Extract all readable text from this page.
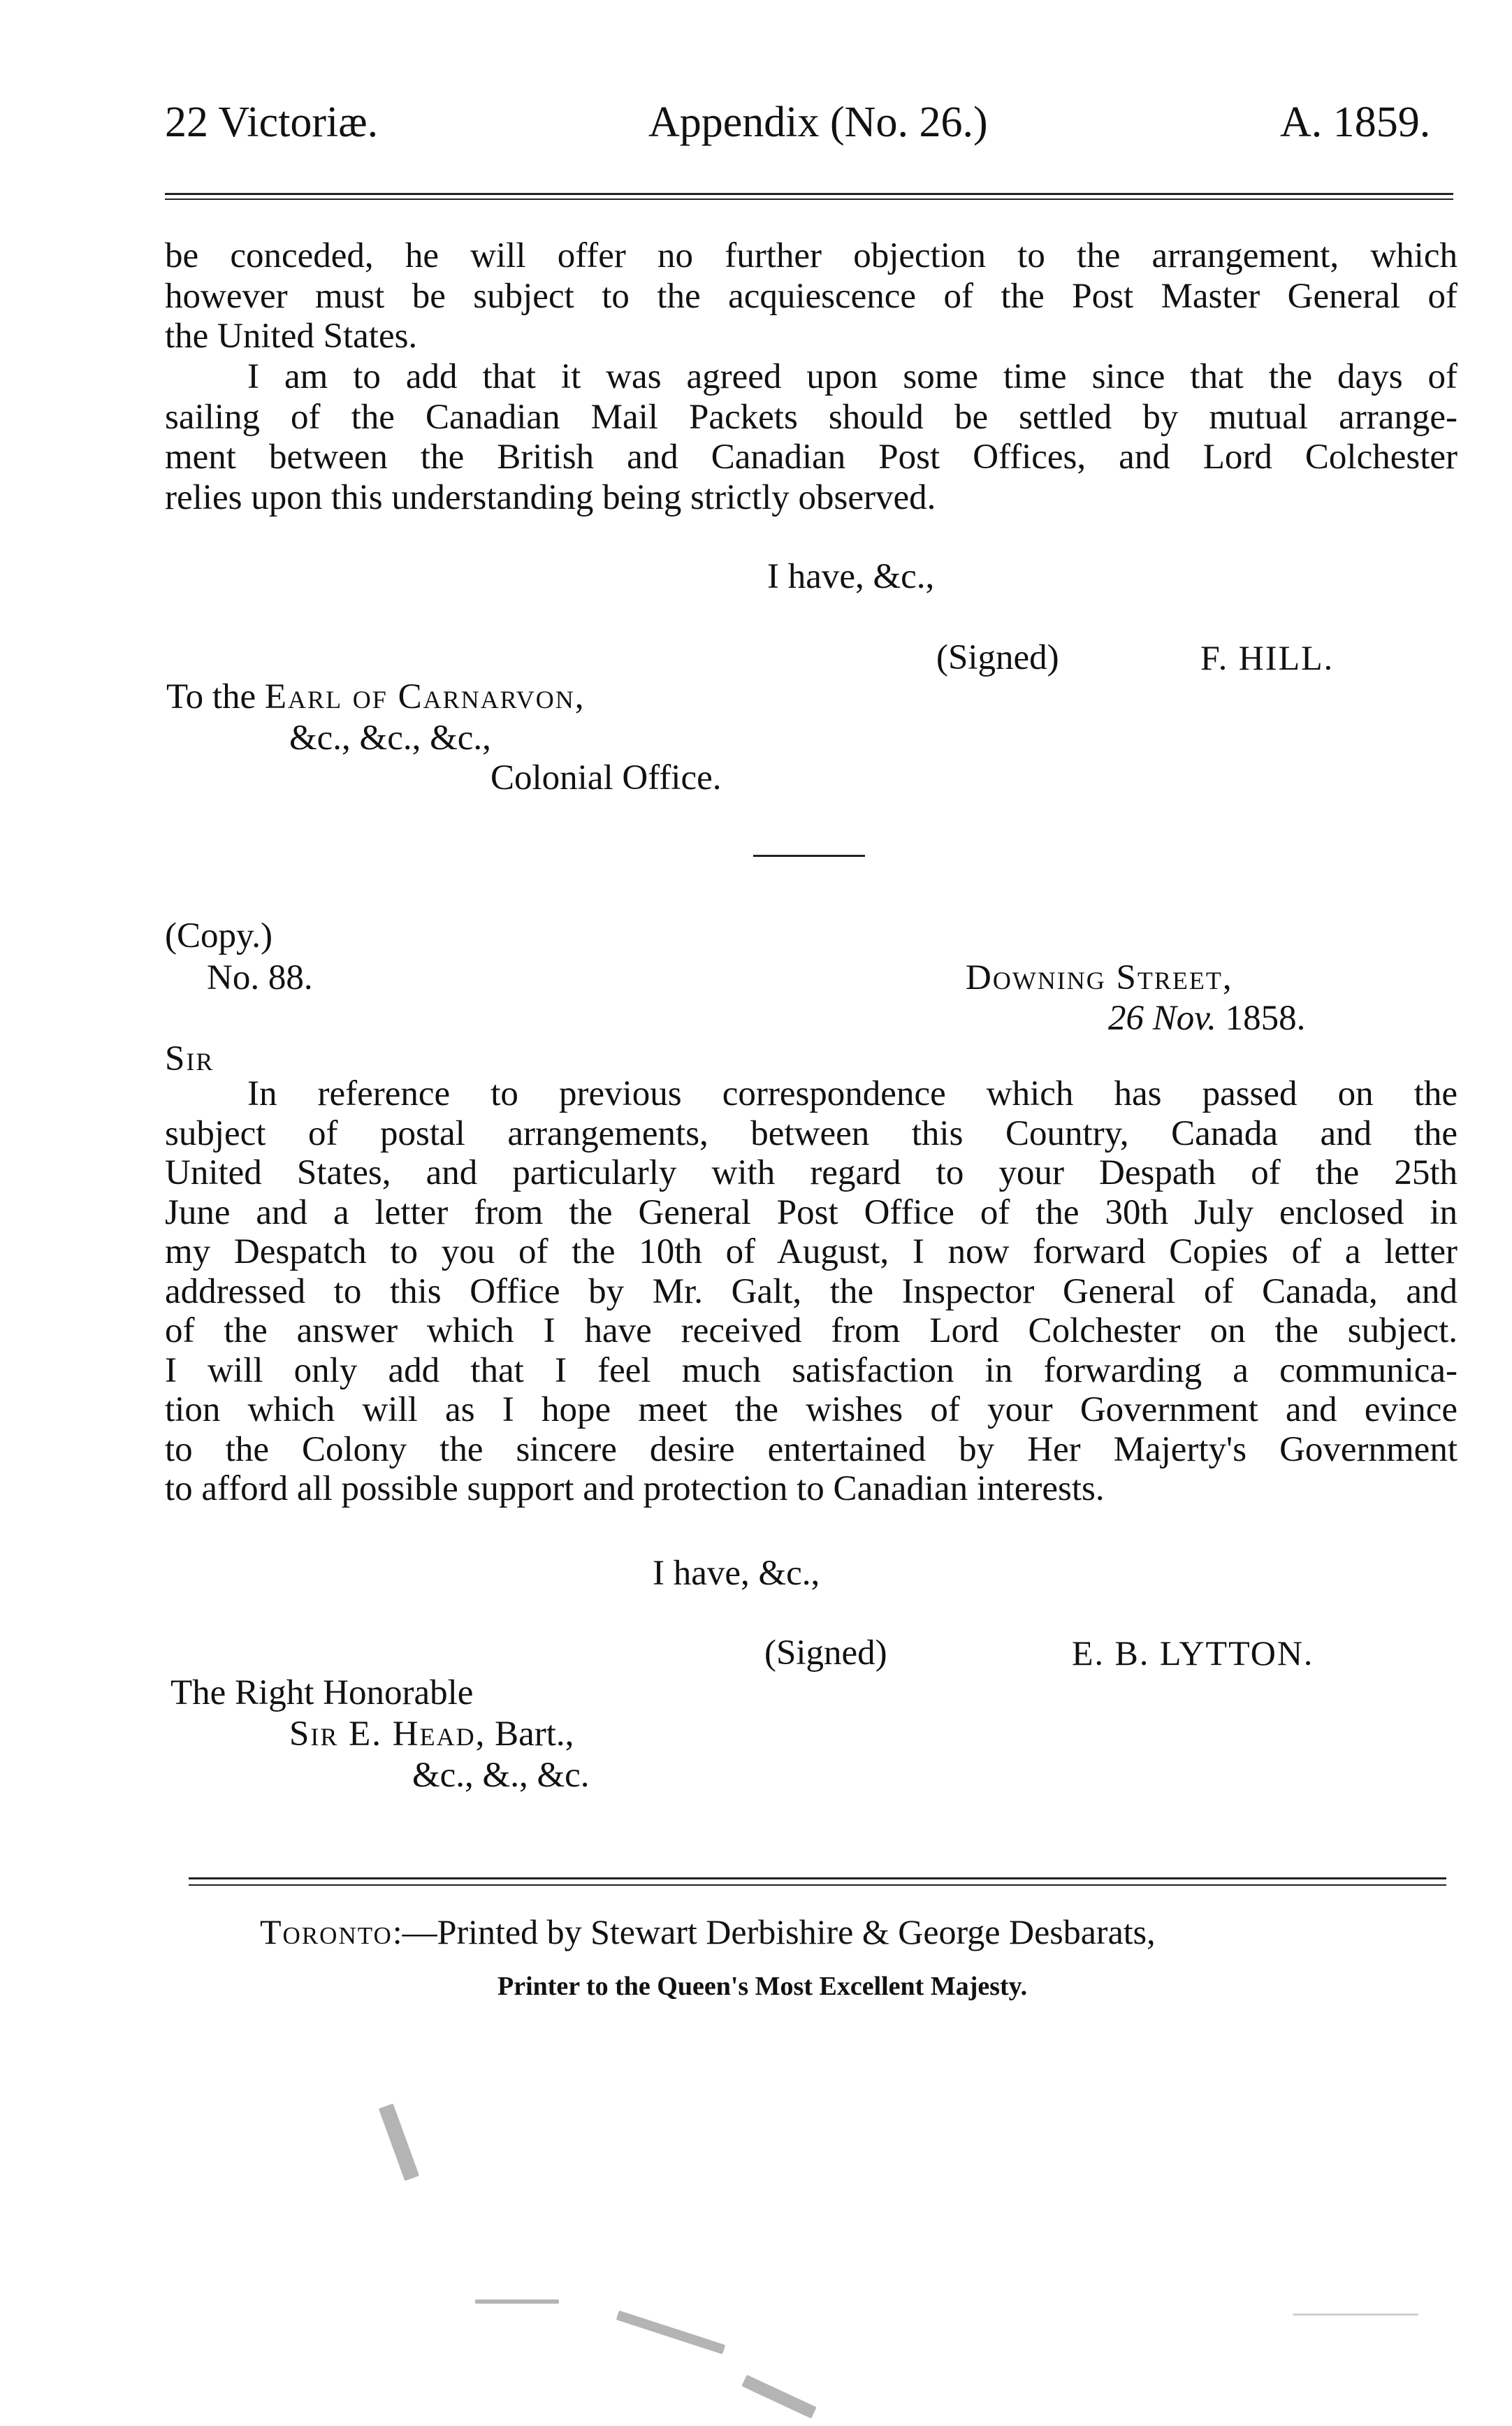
22 Victoriæ.	Appendix (No. 26.)	A. 1859.
be conceded, he will offer no further objection to the arrangement, which
however must be subject to the acquiescence of the Post Master General of
the United States.
I am to add that it was agreed upon some time since that the days of
sailing of the Canadian Mail Packets should be settled by mutual arrange-
ment between the British and Canadian Post Offices, and Lord Colchester
relies upon this understanding being strictly observed.
I have, &c.,
(Signed)	F. HILL.
To the Earl of Carnarvon,
&c., &c., &c.,
Colonial Office.
(Copy.)
No. 88.	Downing Street,
26 Nov. 1858.
Sir
In reference to previous correspondence which has passed on the
subject of postal arrangements, between this Country, Canada and the
United States, and particularly with regard to your Despath of the 25th
June and a letter from the General Post Office of the 30th July enclosed in
my Despatch to you of the 10th of August, I now forward Copies of a letter
addressed to this Office by Mr. Galt, the Inspector General of Canada, and
of the answer which I have received from Lord Colchester on the subject.
I will only add that I feel much satisfaction in forwarding a communica-
tion which will as I hope meet the wishes of your Government and evince
to the Colony the sincere desire entertained by Her Majerty's Government
to afford all possible support and protection to Canadian interests.
I have, &c.,
(Signed)	E. B. LYTTON.
The Right Honorable
Sir E. Head, Bart.,
&c., &., &c.
Toronto:—Printed by Stewart Derbishire & George Desbarats,
Printer to the Queen's Most Excellent Majesty.
